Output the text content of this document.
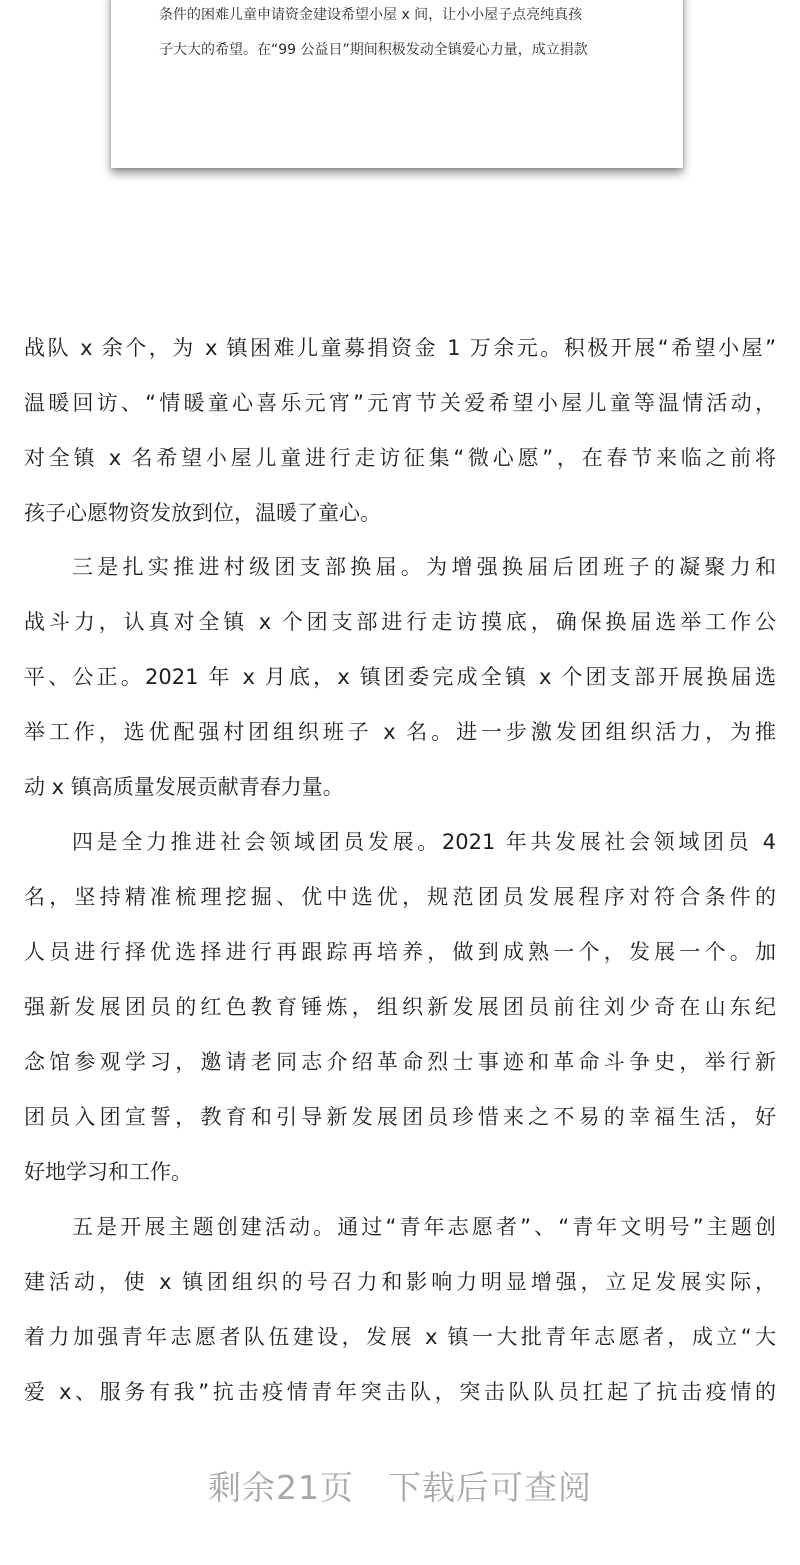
条件的困难儿童申请资金建设希望小屋 x 间，让小小屋子点亮纯真孩

子大大的希望。在“99 公益日”期间积极发动全镇爱心力量，成立捐款

战队 x 余个，为 x 镇困难儿童募捐资金 1 万余元。积极开展“希望小屋”
温暖回访、“情暖童心喜乐元宵”元宵节关爱希望小屋儿童等温情活动，
对全镇 x 名希望小屋儿童进行走访征集“微心愿”，在春节来临之前将
孩子心愿物资发放到位，温暖了童心。
三是扎实推进村级团支部换届。为增强换届后团班子的凝聚力和
战斗力，认真对全镇 x 个团支部进行走访摸底，确保换届选举工作公
平、公正。2021 年 x 月底，x 镇团委完成全镇 x 个团支部开展换届选
举工作，选优配强村团组织班子 x 名。进一步激发团组织活力，为推
动 x 镇高质量发展贡献青春力量。
四是全力推进社会领域团员发展。2021 年共发展社会领域团员 4
名，坚持精准梳理挖掘、优中选优，规范团员发展程序对符合条件的
人员进行择优选择进行再跟踪再培养，做到成熟一个，发展一个。加
强新发展团员的红色教育锤炼，组织新发展团员前往刘少奇在山东纪
念馆参观学习，邀请老同志介绍革命烈士事迹和革命斗争史，举行新
团员入团宣誓，教育和引导新发展团员珍惜来之不易的幸福生活，好
好地学习和工作。
五是开展主题创建活动。通过“青年志愿者”、“青年文明号”主题创
建活动，使 x 镇团组织的号召力和影响力明显增强，立足发展实际，
着力加强青年志愿者队伍建设，发展 x 镇一大批青年志愿者，成立“大
爱 x、服务有我”抗击疫情青年突击队，突击队队员扛起了抗击疫情的
剩余21页 下载后可查阅
